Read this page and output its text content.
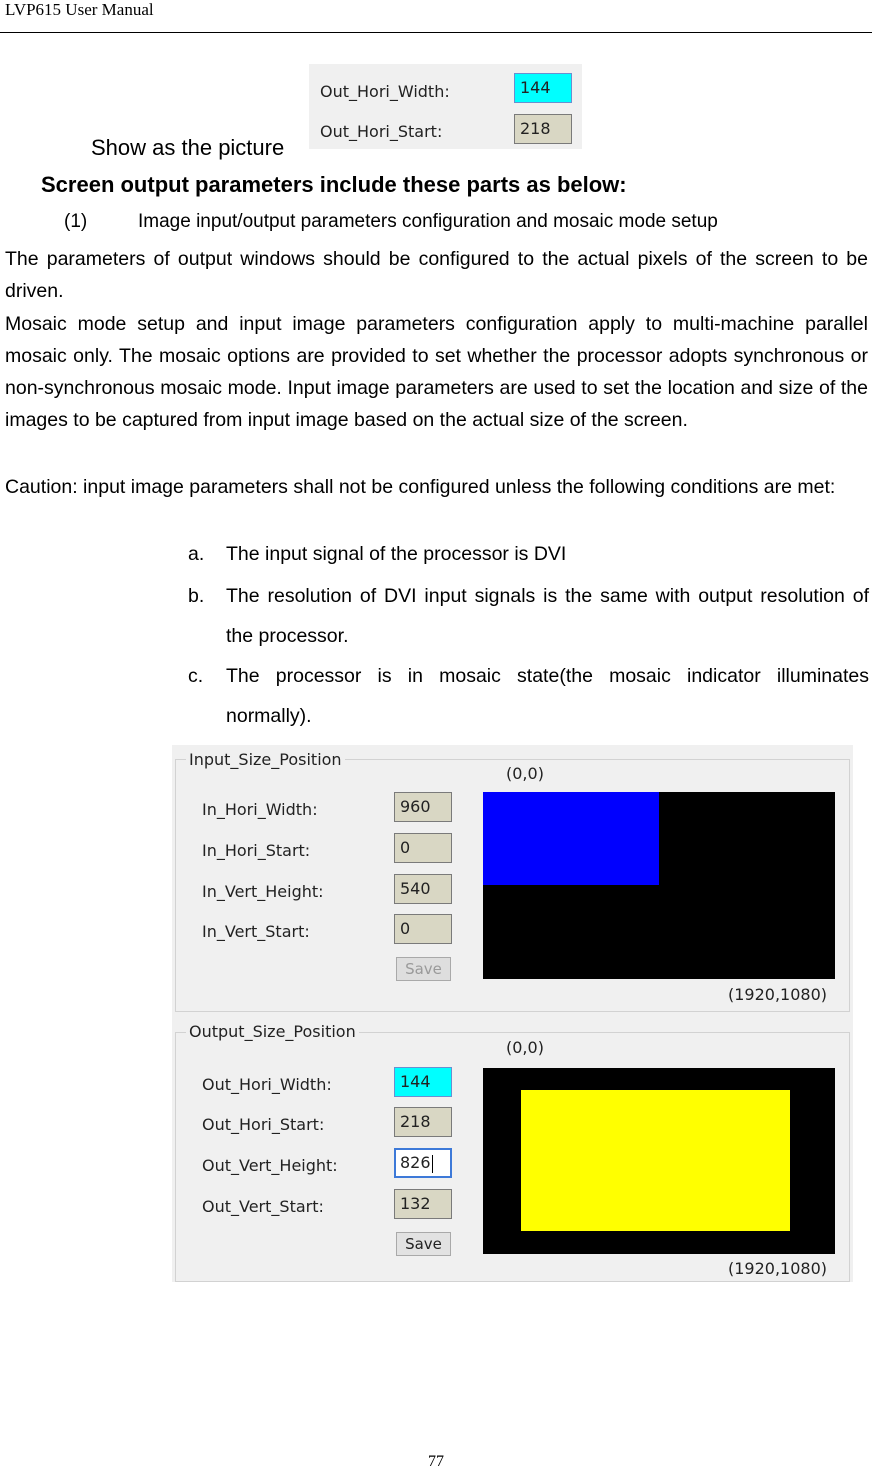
LVP615 User Manual
Show as the picture
Out_Hori_Width:	144
Out_Hori_Start:	218
Screen output parameters include these parts as below:
(1)	Image input/output parameters configuration and mosaic mode setup
The parameters of output windows should be configured to the actual pixels of the screen to be driven.
Mosaic mode setup and input image parameters configuration apply to multi-machine parallel mosaic only. The mosaic options are provided to set whether the processor adopts synchronous or non-synchronous mosaic mode. Input image parameters are used to set the location and size of the images to be captured from input image based on the actual size of the screen.
Caution: input image parameters shall not be configured unless the following conditions are met:
a. The input signal of the processor is DVI
b. The resolution of DVI input signals is the same with output resolution of the processor.
c. The processor is in mosaic state(the mosaic indicator illuminates normally).
Input_Size_Position
(0,0)
In_Hori_Width:	960
In_Hori_Start:	0
In_Vert_Height:	540
In_Vert_Start:	0
Save
(1920,1080)
Output_Size_Position
(0,0)
Out_Hori_Width:	144
Out_Hori_Start:	218
Out_Vert_Height:	826
Out_Vert_Start:	132
Save
(1920,1080)
77
